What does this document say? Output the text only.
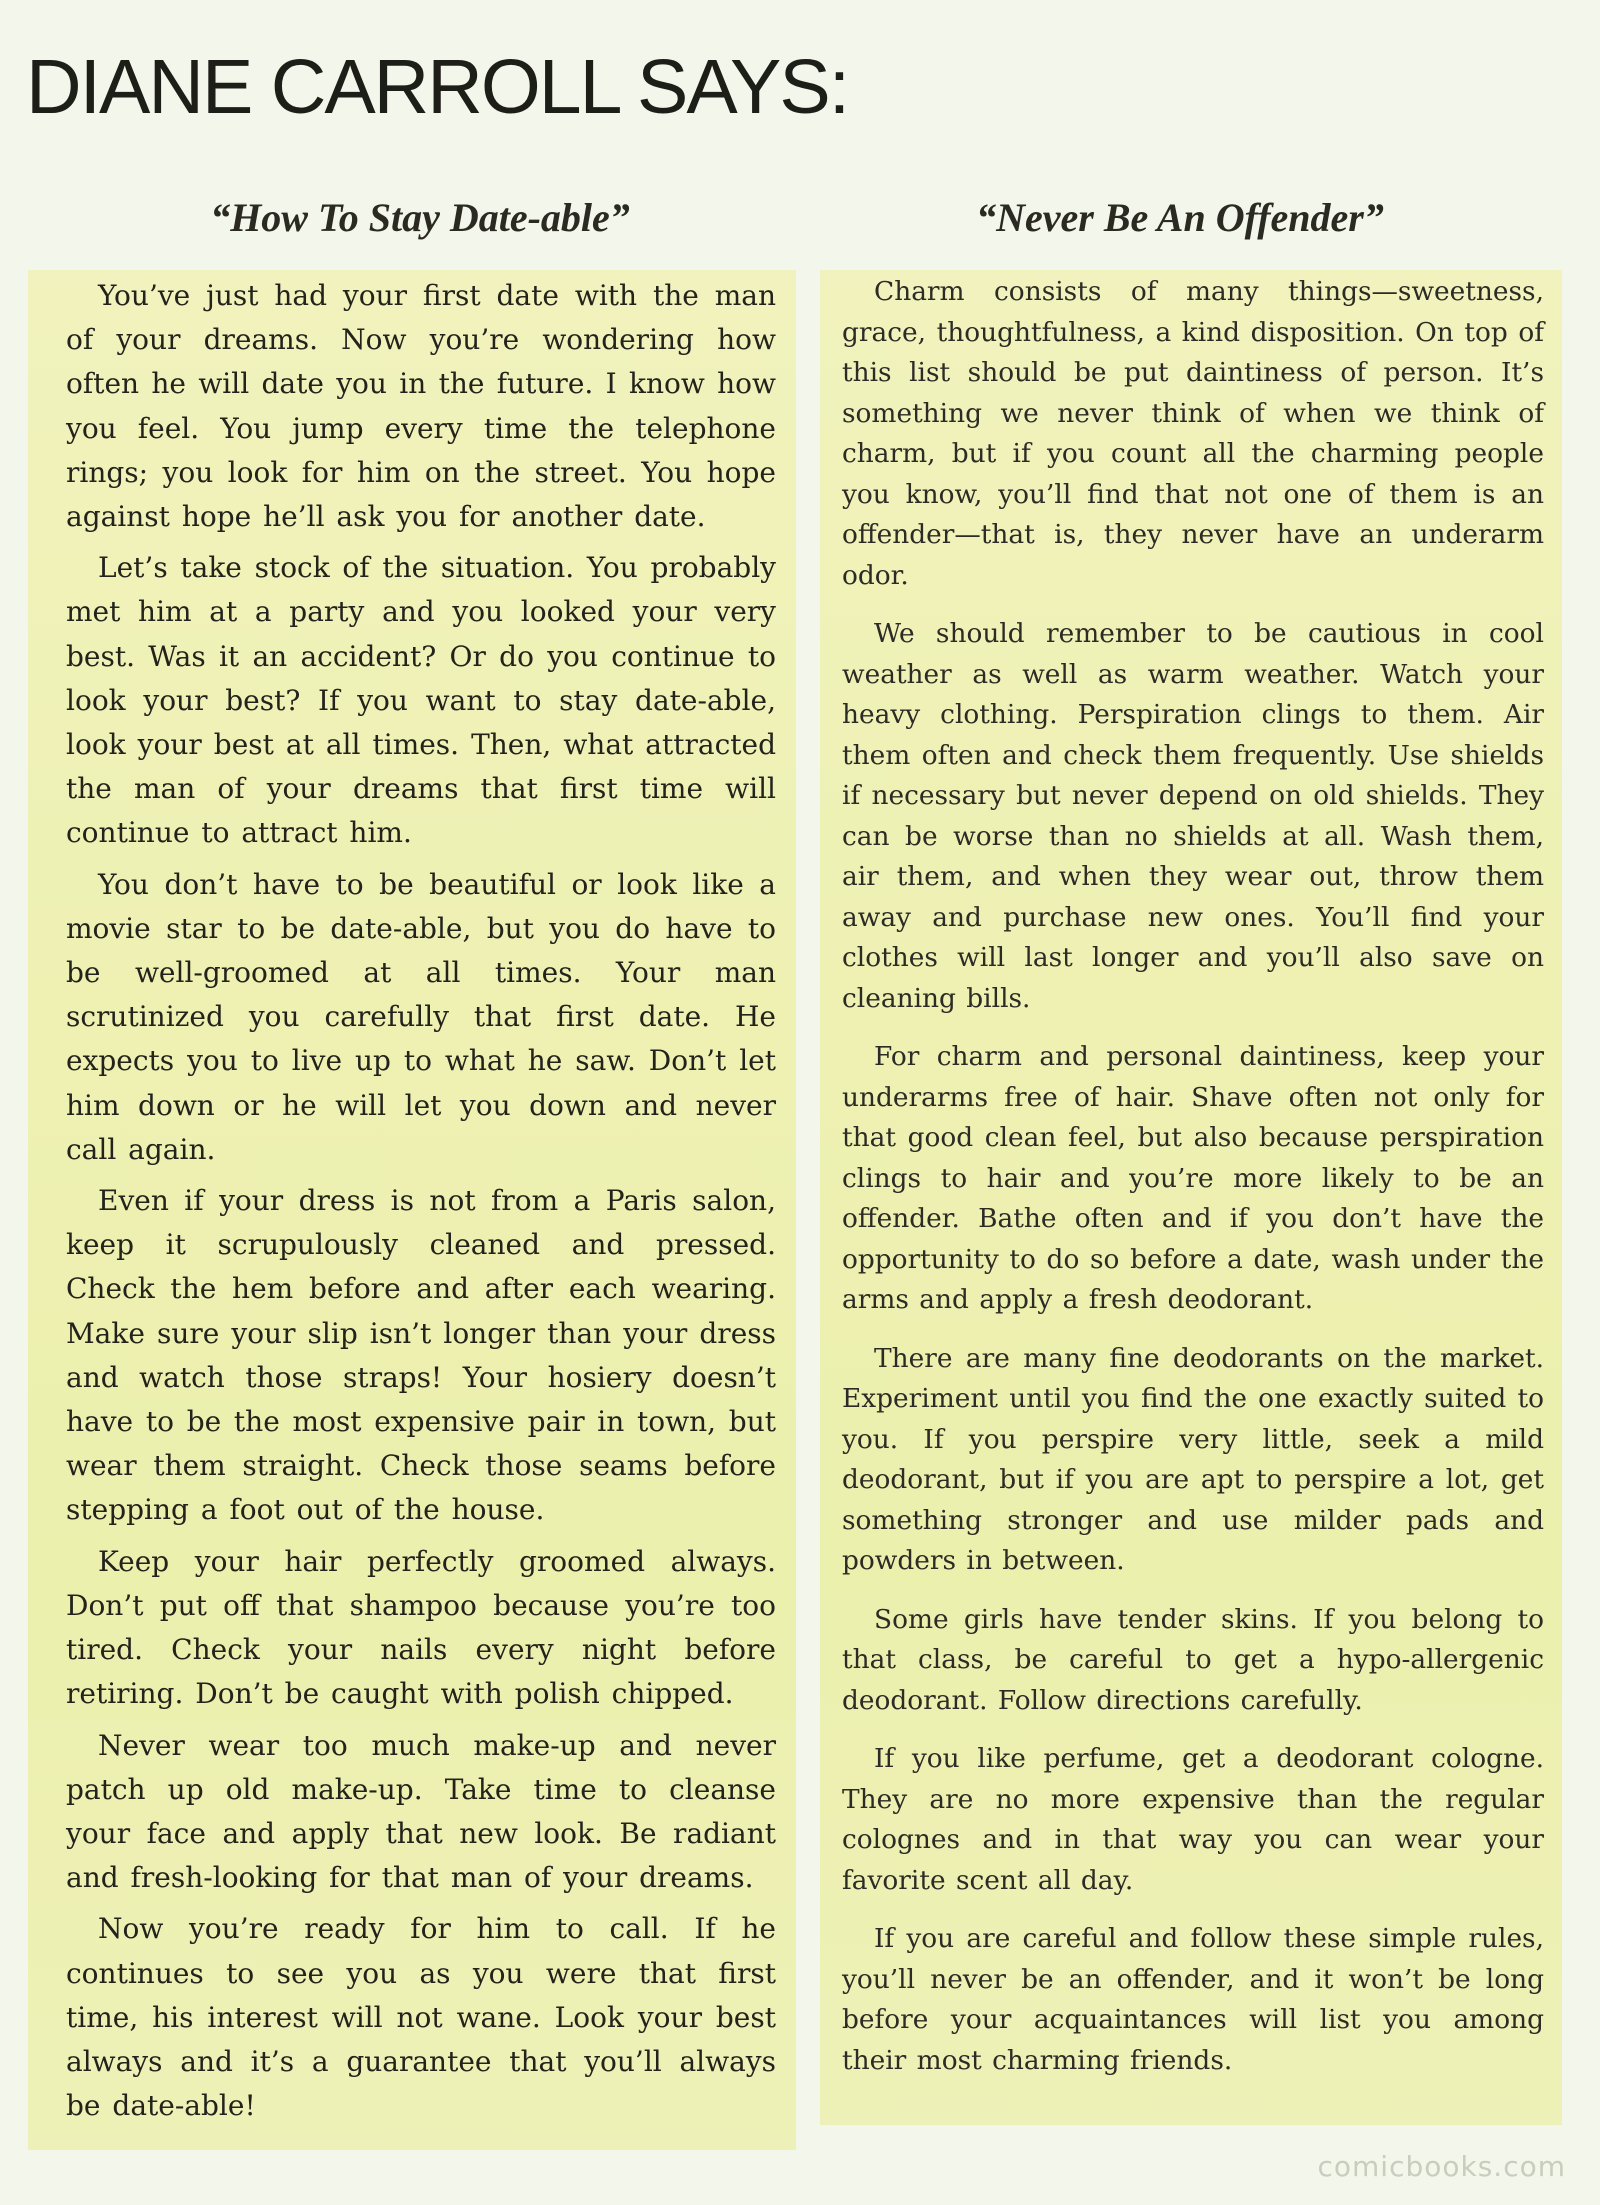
DIANE CARROLL SAYS:
“How To Stay Date-able”	“Never Be An Offender”

You’ve just had your first date with the man of your dreams. Now you’re wondering how often he will date you in the future. I know how you feel. You jump every time the telephone rings; you look for him on the street. You hope against hope he’ll ask you for another date.

Let’s take stock of the situation. You probably met him at a party and you looked your very best. Was it an accident? Or do you continue to look your best? If you want to stay date-able, look your best at all times. Then, what attracted the man of your dreams that first time will continue to attract him.

You don’t have to be beautiful or look like a movie star to be date-able, but you do have to be well-groomed at all times. Your man scrutinized you carefully that first date. He expects you to live up to what he saw. Don’t let him down or he will let you down and never call again.

Even if your dress is not from a Paris salon, keep it scrupulously cleaned and pressed. Check the hem before and after each wearing. Make sure your slip isn’t longer than your dress and watch those straps! Your hosiery doesn’t have to be the most expensive pair in town, but wear them straight. Check those seams before stepping a foot out of the house.

Keep your hair perfectly groomed always. Don’t put off that shampoo because you’re too tired. Check your nails every night before retiring. Don’t be caught with polish chipped.

Never wear too much make-up and never patch up old make-up. Take time to cleanse your face and apply that new look. Be radiant and fresh-looking for that man of your dreams.

Now you’re ready for him to call. If he continues to see you as you were that first time, his interest will not wane. Look your best always and it’s a guarantee that you’ll always be date-able!

Charm consists of many things—sweetness, grace, thoughtfulness, a kind disposition. On top of this list should be put daintiness of person. It’s something we never think of when we think of charm, but if you count all the charming people you know, you’ll find that not one of them is an offender—that is, they never have an underarm odor.

We should remember to be cautious in cool weather as well as warm weather. Watch your heavy clothing. Perspiration clings to them. Air them often and check them frequently. Use shields if necessary but never depend on old shields. They can be worse than no shields at all. Wash them, air them, and when they wear out, throw them away and purchase new ones. You’ll find your clothes will last longer and you’ll also save on cleaning bills.

For charm and personal daintiness, keep your underarms free of hair. Shave often not only for that good clean feel, but also because perspiration clings to hair and you’re more likely to be an offender. Bathe often and if you don’t have the opportunity to do so before a date, wash under the arms and apply a fresh deodorant.

There are many fine deodorants on the market. Experiment until you find the one exactly suited to you. If you perspire very little, seek a mild deodorant, but if you are apt to perspire a lot, get something stronger and use milder pads and powders in between.

Some girls have tender skins. If you belong to that class, be careful to get a hypo-allergenic deodorant. Follow directions carefully.

If you like perfume, get a deodorant cologne. They are no more expensive than the regular colognes and in that way you can wear your favorite scent all day.

If you are careful and follow these simple rules, you’ll never be an offender, and it won’t be long before your acquaintances will list you among their most charming friends.

comicbooks.com
